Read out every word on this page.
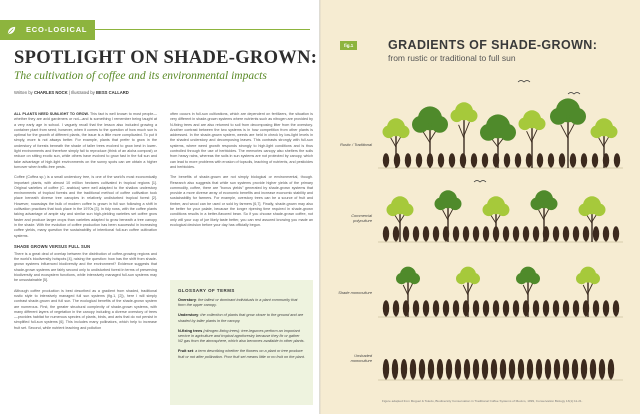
ECO-LOGICAL
SPOTLIGHT ON SHADE-GROWN:
The cultivation of coffee and its environmental impacts
Written by CHARLES NOCK | Illustrated by BESS CALLARD

ALL PLANTS NEED SUNLIGHT TO GROW. This fact is well known to most people—whether they are avid gardeners or not—and is something I remember being taught at a very early age in school. I vaguely recall that the lesson also included growing a container plant from seed; however, when it comes to the question of how much sun is optimal for the growth of different plants, the issue is a little more complicated. To put it simply, more is not always better. For example, plants that prefer to grow in the understory of forests beneath the shade of taller trees evolved to grow best in lower-light environments and therefore simply fail to reproduce (think of an aloha compost) or reduce on sitting exotic sun, while others have evolved to grow fast in the full sun and take advantage of high-light environments on the sunny spots can we obtain a higher turnover when traffic-free pests.

Coffee (Coffea sp.) is a small understory tree, is one of the world's most economically important plants, with almost 10 million hectares cultivated in tropical regions [1]. Original varieties of coffee (C. arabica) were well adapted to the shallow understory environments of tropical forests and the traditional method of coffee cultivation took place beneath diverse tree canopies in relatively undisturbed tropical forest [2]. However, nowadays the bulk of modern coffee is grown in full sun following a shift in cultivation practices that took place in the 1970s [3]. In tidy rows, with the coffee plants taking advantage of ample sky and similar sun high-yielding varieties set coffee grow faster and produce larger crops than varieties adapted to grow beneath a tree canopy in the shade. With the evolution of coffee production has been successful in increasing coffee yields, many question the sustainability of intentional full-sun coffee cultivation systems.

SHADE GROWN VERSUS FULL SUN

There is a great deal of overlap between the distribution of coffee-growing regions and the world's biodiversity hotspots [4], raising the question: how has the shift from shade-grown systems influenced biodiversity and the environment? Evidence suggests that shade-grown systems are fairly second only to undisturbed forest in terms of preserving biodiversity and ecosystem functions, while intensively managed full-sun systems may be unsustainable [5].

Although coffee production is best described as a gradient from shaded, traditional rustic style to intensively managed full sun systems (fig.1, [2]), here I will simply contrast shade-grown and full sun. The ecological benefits of the shade-grown system are numerous. First, the greater structural complexity of shade-grown systems, with many different layers of vegetation in the canopy including a diverse overstory of trees—provides habitat for numerous species of plants, birds, and ants that do not persist in simplified full-sun systems [6]. This includes many pollinators, which help to increase fruit set. Second, while nutrient leaching and pollution

often occurs in full-sun cultivations, which are dependent on fertilizers, the situation is very different in shade-grown systems where nutrients such as nitrogen are provided by N-fixing trees and are also returned to soil from decomposing litter from the overstory. Another contrast between the two systems is in how competition from other plants is addressed. In the shade-grown system, weeds are held in check by low-light levels in the shaded understory and decomposing leaves. This contrasts strongly with full-sun systems, where weed growth responds strongly to high-light conditions and is thus controlled through the use of herbicides. The memories canopy also shelters the soils from heavy rains, whereas the soils in sun systems are not protected by canopy, which can lead to more problems with erosion of topsoils, leaching of nutrients, and pesticides and herbicides.

The benefits of shade-grown are not simply biological or environmental, though. Research also suggests that while sun systems provide higher yields of the primary commodity, coffee, there are "bonus yields" generated by shade-grown systems that provide a more diverse array of economic benefits and increase economic stability and sustainability for farmers. For example, overstory trees can be a source of fruit and timber, and wood can be used or sold by farmers [6,7]. Finally, shade-grown may also be better for your palate, because the longer ripening time required in shade-grown conditions results in a better-flavored bean. So if you choose shade-grown coffee, not only will your cup of joe likely taste better, you can rest assured knowing you made an ecological decision before your day has officially begun.

GLOSSARY OF TERMS

Overstory: the tallest or dominant individuals in a plant community that form the upper canopy.

Understory: the collection of plants that grow closer to the ground and are shaded by taller plants in the canopy.

N-fixing trees (nitrogen-fixing trees): tree-legumes perform an important service in agriculture and tropical agroforestry because they fix or gather N2 gas from the atmosphere, which also becomes available to other plants.

Fruit set: a term describing whether the flowers on a plant or tree produce fruit or not after pollination. Poor fruit set means little or no fruit on the plant.

fig.1	GRADIENTS OF SHADE-GROWN:
from rustic or traditional to full sun
Rustic / Traditional
Commercial polyculture
Shade monoculture
Unshaded monoculture
Figure adapted from Moguel & Toledo, Biodiversity Conservation in Traditional Coffee Systems of Mexico, 1999, Conservation Biology 13(1):11-21.
